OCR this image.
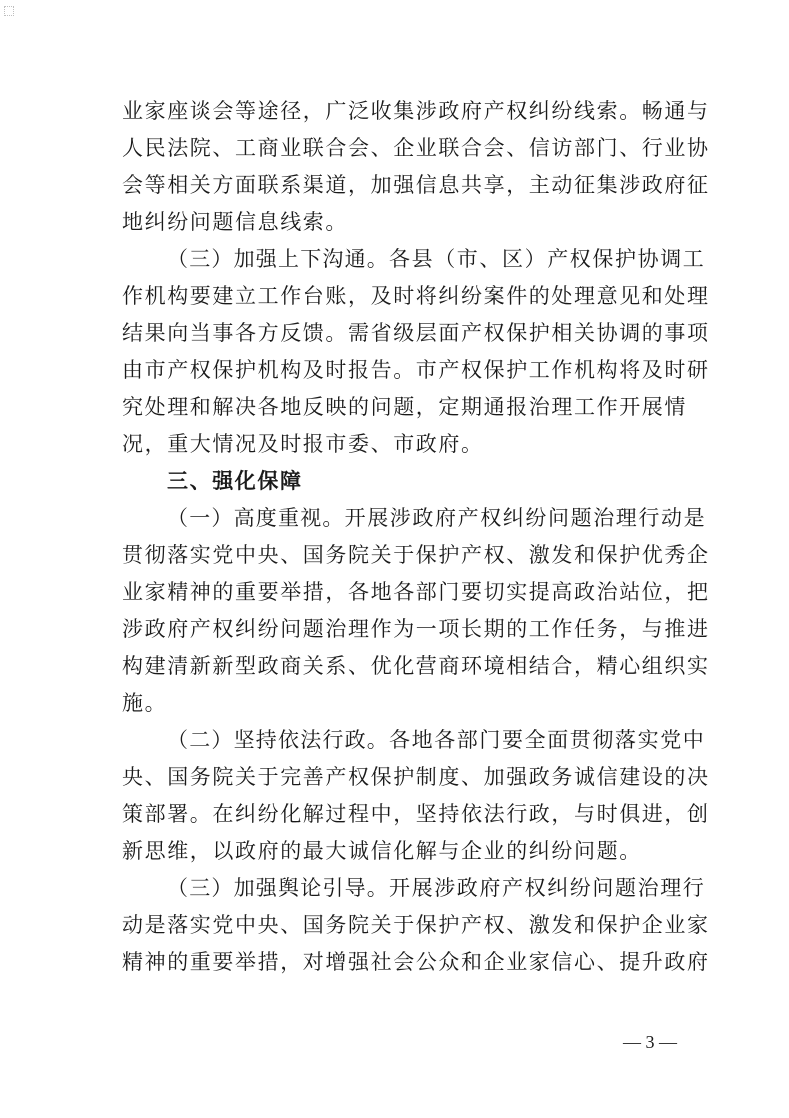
业家座谈会等途径，广泛收集涉政府产权纠纷线索。畅通与
人民法院、工商业联合会、企业联合会、信访部门、行业协
会等相关方面联系渠道，加强信息共享，主动征集涉政府征
地纠纷问题信息线索。
（三）加强上下沟通。各县（市、区）产权保护协调工
作机构要建立工作台账，及时将纠纷案件的处理意见和处理
结果向当事各方反馈。需省级层面产权保护相关协调的事项
由市产权保护机构及时报告。市产权保护工作机构将及时研
究处理和解决各地反映的问题，定期通报治理工作开展情
况，重大情况及时报市委、市政府。
三、强化保障
（一）高度重视。开展涉政府产权纠纷问题治理行动是
贯彻落实党中央、国务院关于保护产权、激发和保护优秀企
业家精神的重要举措，各地各部门要切实提高政治站位，把
涉政府产权纠纷问题治理作为一项长期的工作任务，与推进
构建清新新型政商关系、优化营商环境相结合，精心组织实
施。
（二）坚持依法行政。各地各部门要全面贯彻落实党中
央、国务院关于完善产权保护制度、加强政务诚信建设的决
策部署。在纠纷化解过程中，坚持依法行政，与时俱进，创
新思维，以政府的最大诚信化解与企业的纠纷问题。
（三）加强舆论引导。开展涉政府产权纠纷问题治理行
动是落实党中央、国务院关于保护产权、激发和保护企业家
精神的重要举措，对增强社会公众和企业家信心、提升政府
— 3 —
